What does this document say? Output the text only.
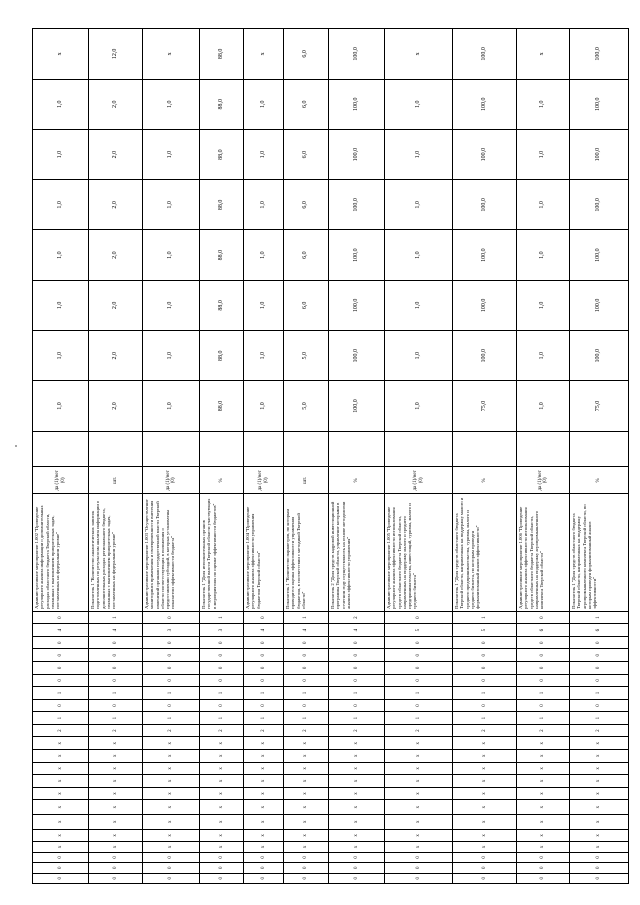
0	0	0	x	x	x	x	x	x	x	x	x	2	1	0	1	0	0	0	0	4	0	Административное мероприятие 1.002 "Проведение регулярного анализа информации о дополнительных расходах областного бюджета Тверской области, связанных с выполнением приоритетных задач, поставленных на федеральном уровне"	да (1)/нет (0)		1,0	1,0	1,0	1,0	1,0	1,0	1,0	х
0	0	0	x	x	x	x	x	x	x	x	x	2	1	0	1	0	0	0	0	4	1	Показатель 1 "Количество аналитических записок подготовленных по результатам анализа информации о дополнительных расходах регионального бюджета, связанных с выполнением приоритетных задач, поставленных на федеральном уровне"	шт.		2,0	2,0	2,0	2,0	2,0	2,0	2,0	12,0
0	0	0	x	x	x	x	x	x	x	x	x	2	1	0	1	0	0	0	0	3	0	Административное мероприятие 1.003 "Осуществление мониторинга применения и своевременности внесения изменений органами государственной власти Тверской области соответствующих в положения о предоставлении субсидий, в которых установлены показатели эффективности бюджета"	да (1)/нет (0)		1,0	1,0	1,0	1,0	1,0	1,0	1,0	х
0	0	0	x	x	x	x	x	x	x	x	x	2	1	0	1	0	0	0	0	3	1	Показатель 1 "Доля исполнительных органов государственной власти Тверской области участвующих в мероприятиях по оценке эффективности бюджетов"	%		88,0	88,0	88,0	88,0	88,0	88,0	88,0	88,0
0	0	0	x	x	x	x	x	x	x	x	x	2	1	0	1	0	0	0	0	4	0	Административное мероприятие 1.004 "Проведение регулярного анализа эффективности управления бюджетом Тверской области"	да (1)/нет (0)		1,0	1,0	1,0	1,0	1,0	1,0	1,0	х
0	0	0	x	x	x	x	x	x	x	x	x	2	1	0	1	0	0	0	0	4	1	Показатель 1 "Количество параметров, по которым проводится оценка эффективности управления бюджетом, в соответствии с методикой Тверской области"	шт.		5,0	5,0	6,0	6,0	6,0	6,0	6,0	6,0
0	0	0	x	x	x	x	x	x	x	x	x	2	1	0	1	0	0	0	0	4	2	Показатель 2 "Доля средств кадровой инвестиционной программы Тверской области, управление которыми в отчетном году осуществлялось на основе методологии анализа эффективности управления"	%		100,0	100,0	100,0	100,0	100,0	100,0	100,0	100,0
0	0	0	x	x	x	x	x	x	x	x	x	2	1	0	1	0	0	0	0	5	0	Административное мероприятие 1.005 "Проведение регулярного анализа эффективности использования средств областного бюджета Тверской области, направленных на поддержку малого и среднего предпринимательства, инвестиций, туризма, малого и среднего бизнеса"	да (1)/нет (0)		1,0	1,0	1,0	1,0	1,0	1,0	1,0	х
0	0	0	x	x	x	x	x	x	x	x	x	2	1	0	1	0	0	0	0	5	1	Показатель 1 "Доля средств областного бюджета Тверской области, направленных на поддержку малого и среднего предпринимательства, туризма, малого и среднего бизнеса, по которым проведен формализованный анализ эффективности"	%		75,0	100,0	100,0	100,0	100,0	100,0	100,0	100,0
0	0	0	x	x	x	x	x	x	x	x	x	2	1	0	1	0	0	0	0	6	0	Административное мероприятие 1.006 "Проведение регулярного анализа эффективности использования средств областного бюджета Тверской области, направленных на поддержку агропромышленного комплекса Тверской области"	да (1)/нет (0)		1,0	1,0	1,0	1,0	1,0	1,0	1,0	х
0	0	0	x	x	x	x	x	x	x	x	x	2	1	0	1	0	0	0	0	6	1	Показатель 1 "Доля средств областного бюджета Тверской области, направленных на поддержку агропромышленного комплекса Тверской области, по которым проведен формализованный анализ эффективности"	%		75,0	100,0	100,0	100,0	100,0	100,0	100,0	100,0
